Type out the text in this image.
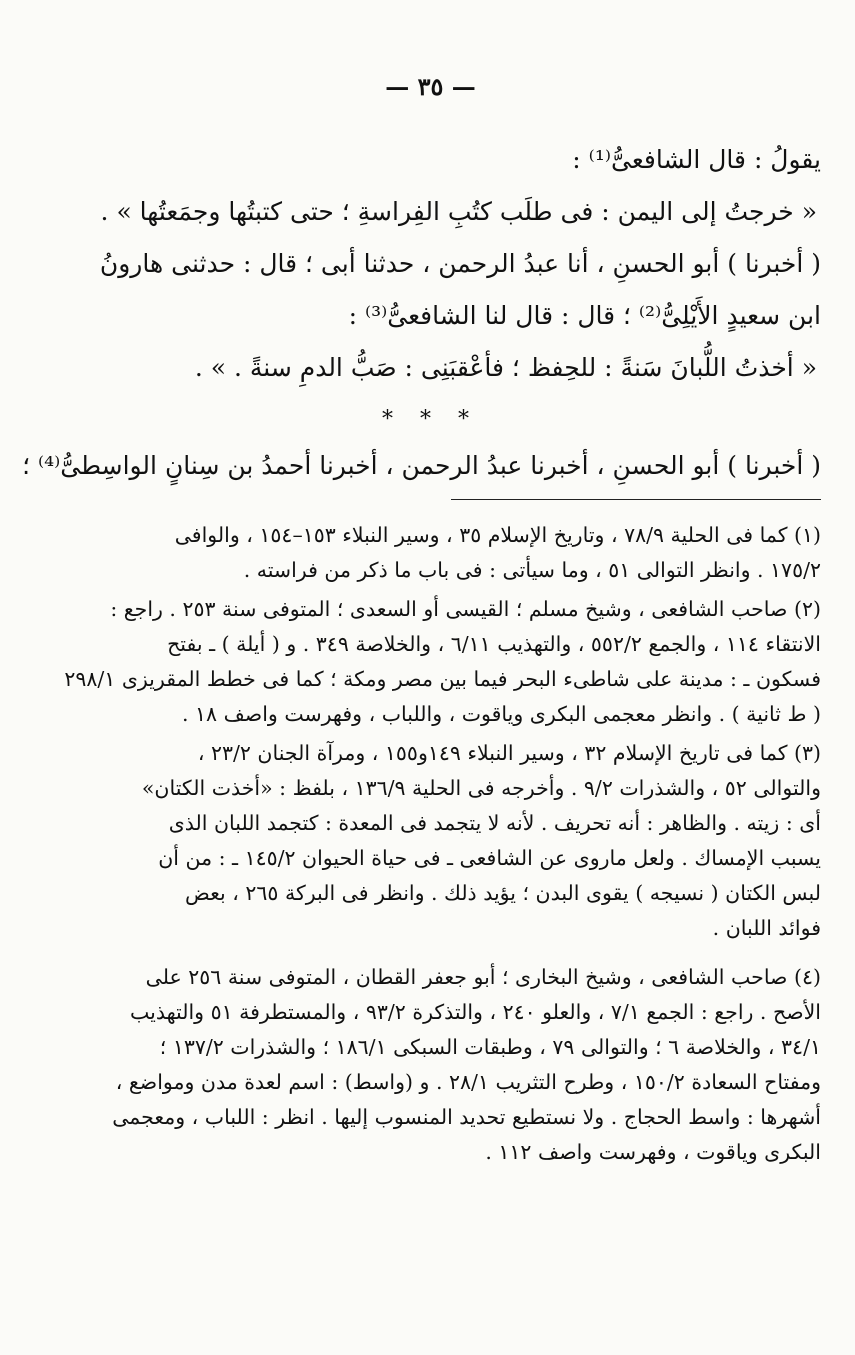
— ٣٥ —
يقولُ : قال الشافعىُّ⁽¹⁾ :
« خرجتُ إلى اليمن : فى طلَب كتُبِ الفِراسةِ ؛ حتى كتبتُها وجمَعتُها » .
( أخبرنا ) أبو الحسنِ ، أنا عبدُ الرحمن ، حدثنا أبى ؛ قال : حدثنى هارونُ
ابن سعيدٍ الأَيْلِىُّ⁽²⁾ ؛ قال : قال لنا الشافعىُّ⁽³⁾ :
« أخذتُ اللُّبانَ سَنةً : للحِفظ ؛ فأعْقبَنِى : صَبُّ الدمِ سنةً . » .
* * *
( أخبرنا ) أبو الحسنِ ، أخبرنا عبدُ الرحمن ، أخبرنا أحمدُ بن سِنانٍ الواسِطىُّ⁽⁴⁾ ؛
(١) كما فى الحلية ٧٨/٩ ، وتاريخ الإسلام ٣٥ ، وسير النبلاء ١٥٣–١٥٤ ، والوافى
١٧٥/٢ . وانظر التوالى ٥١ ، وما سيأتى : فى باب ما ذكر من فراسته .
(٢) صاحب الشافعى ، وشيخ مسلم ؛ القيسى أو السعدى ؛ المتوفى سنة ٢٥٣ . راجع :
الانتقاء ١١٤ ، والجمع ٥٥٢/٢ ، والتهذيب ٦/١١ ، والخلاصة ٣٤٩ . و ( أيلة ) ـ بفتح
فسكون ـ : مدينة على شاطىء البحر فيما بين مصر ومكة ؛ كما فى خطط المقريزى ٢٩٨/١
( ط ثانية ) . وانظر معجمى البكرى وياقوت ، واللباب ، وفهرست واصف ١٨ .
(٣) كما فى تاريخ الإسلام ٣٢ ، وسير النبلاء ١٤٩و١٥٥ ، ومرآة الجنان ٢٣/٢ ،
والتوالى ٥٢ ، والشذرات ٩/٢ . وأخرجه فى الحلية ١٣٦/٩ ، بلفظ : «أخذت الكتان»
أى : زيته . والظاهر : أنه تحريف . لأنه لا يتجمد فى المعدة : كتجمد اللبان الذى
يسبب الإمساك . ولعل ماروى عن الشافعى ـ فى حياة الحيوان ١٤٥/٢ ـ : من أن
لبس الكتان ( نسيجه ) يقوى البدن ؛ يؤيد ذلك . وانظر فى البركة ٢٦٥ ، بعض
فوائد اللبان .
(٤) صاحب الشافعى ، وشيخ البخارى ؛ أبو جعفر القطان ، المتوفى سنة ٢٥٦ على
الأصح . راجع : الجمع ٧/١ ، والعلو ٢٤٠ ، والتذكرة ٩٣/٢ ، والمستطرفة ٥١ والتهذيب
٣٤/١ ، والخلاصة ٦ ؛ والتوالى ٧٩ ، وطبقات السبكى ١٨٦/١ ؛ والشذرات ١٣٧/٢ ؛
ومفتاح السعادة ١٥٠/٢ ، وطرح التثريب ٢٨/١ . و (واسط) : اسم لعدة مدن ومواضع ،
أشهرها : واسط الحجاج . ولا نستطيع تحديد المنسوب إليها . انظر : اللباب ، ومعجمى
البكرى وياقوت ، وفهرست واصف ١١٢ .
